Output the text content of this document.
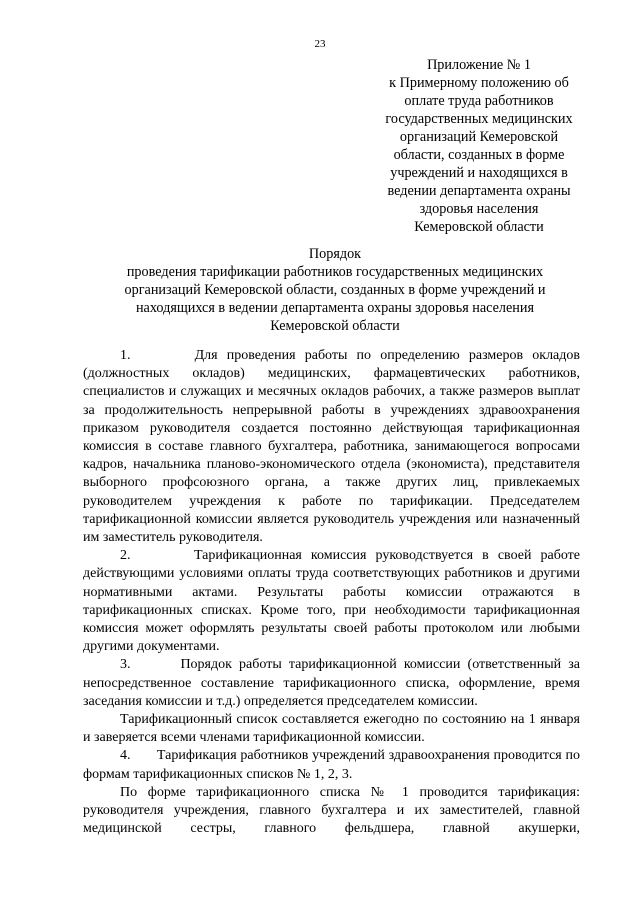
23
Приложение № 1
к Примерному положению об
оплате труда работников
государственных медицинских
организаций Кемеровской
области, созданных в форме
учреждений и находящихся в
ведении департамента охраны
здоровья населения
Кемеровской области
Порядок
проведения тарификации работников государственных медицинских
организаций Кемеровской области, созданных в форме учреждений и
находящихся в ведении департамента охраны здоровья населения
Кемеровской области

1.       Для проведения работы по определению размеров окладов (должностных окладов) медицинских, фармацевтических работников, специалистов и служащих и месячных окладов рабочих, а также размеров выплат за продолжительность непрерывной работы в учреждениях здравоохранения приказом руководителя создается постоянно действующая тарификационная комиссия в составе главного бухгалтера, работника, занимающегося вопросами кадров, начальника планово-экономического отдела (экономиста), представителя выборного профсоюзного органа, а также других лиц, привлекаемых руководителем учреждения к работе по тарификации. Председателем тарификационной комиссии является руководитель учреждения или назначенный им заместитель руководителя.

2.       Тарификационная комиссия руководствуется в своей работе действующими условиями оплаты труда соответствующих работников и другими нормативными актами. Результаты работы комиссии отражаются в тарификационных списках. Кроме того, при необходимости тарификационная комиссия может оформлять результаты своей работы протоколом или любыми другими документами.

3.       Порядок работы тарификационной комиссии (ответственный за непосредственное составление тарификационного списка, оформление, время заседания комиссии и т.д.) определяется председателем комиссии.

Тарификационный список составляется ежегодно по состоянию на 1 января и заверяется всеми членами тарификационной комиссии.

4.       Тарификация работников учреждений здравоохранения проводится по формам тарификационных списков № 1, 2, 3.

По форме тарификационного списка № 1 проводится тарификация: руководителя учреждения, главного бухгалтера и их заместителей, главной медицинской сестры, главного фельдшера, главной акушерки,
